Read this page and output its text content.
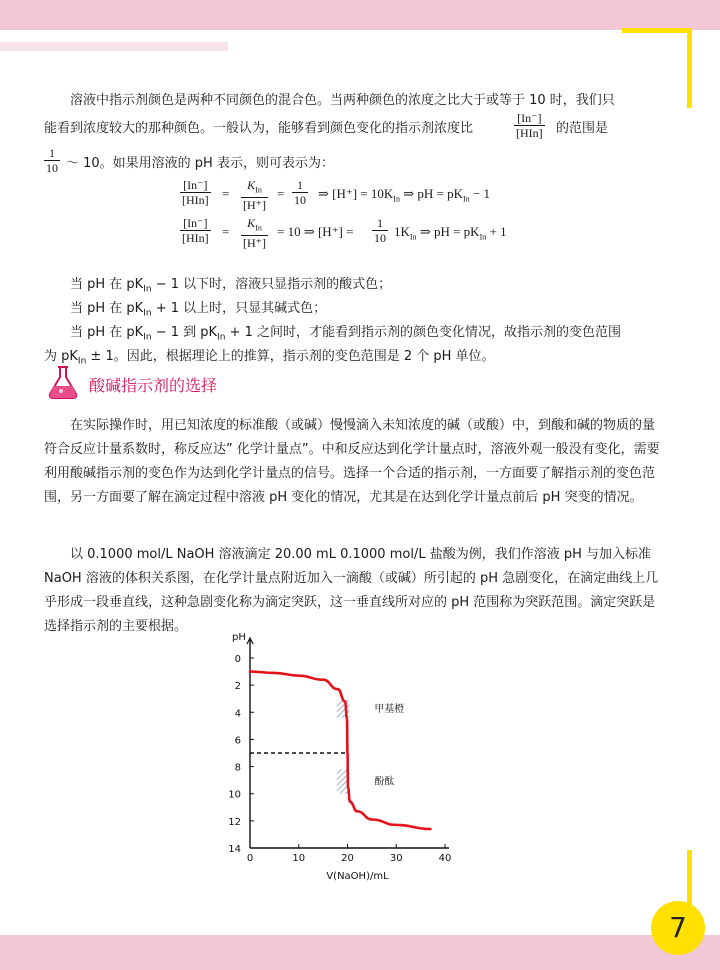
溶液中指示剂颜色是两种不同颜色的混合色。当两种颜色的浓度之比大于或等于 10 时，我们只
能看到浓度较大的那种颜色。一般认为，能够看到颜色变化的指示剂浓度比
[In⁻]
[HIn] 的范围是
$\frac{1}{10}$ ～ 10。如果用溶液的 pH 表示，则可表示为：
[In⁻]
[HIn] =
$K_{In}$
[H⁺]
= $\frac{1}{10}$ ⇒ $[H^+] = 10K_{In}$ ⇒ pH = $pK_{In} - 1$
[In⁻]
[HIn] =
$K_{In}$
[H⁺]
= 10 ⇒ $[H^+] = \frac{1}{10} 1K_{In}$ ⇒ pH = $pK_{In} + 1$
当 pH 在 $pK_{In} - 1$ 以下时，溶液只显指示剂的酸式色；
当 pH 在 $pK_{In} + 1$ 以上时，只显其碱式色；
当 pH 在 $pK_{In} - 1$ 到 $pK_{In} + 1$ 之间时，才能看到指示剂的颜色变化情况，故指示剂的变色范围
为 $pK_{In} \pm 1$。因此，根据理论上的推算，指示剂的变色范围是 2 个 pH 单位。
酸碱指示剂的选择
在实际操作时，用已知浓度的标准酸（或碱）慢慢滴入未知浓度的碱（或酸）中，到酸和碱的物质的量符合反应计量系数时，称反应达” 化学计量点”。中和反应达到化学计量点时，溶液外观一般没有变化，需要利用酸碱指示剂的变色作为达到化学计量点的信号。选择一个合适的指示剂，一方面要了解指示剂的变色范围，另一方面要了解在滴定过程中溶液 pH 变化的情况，尤其是在达到化学计量点前后 pH 突变的情况。
以 0.1000 mol/L NaOH 溶液滴定 20.00 mL 0.1000 mol/L 盐酸为例，我们作溶液 pH 与加入标准 NaOH 溶液的体积关系图，在化学计量点附近加入一滴酸（或碱）所引起的 pH 急剧变化，在滴定曲线上几乎形成一段垂直线，这种急剧变化称为滴定突跃，这一垂直线所对应的 pH 范围称为突跃范围。滴定突跃是选择指示剂的主要根据。
0
2
4
6
8
10
12
14
0	10	20	30	40
pH
V(NaOH)/mL
甲基橙
酚酞
7
